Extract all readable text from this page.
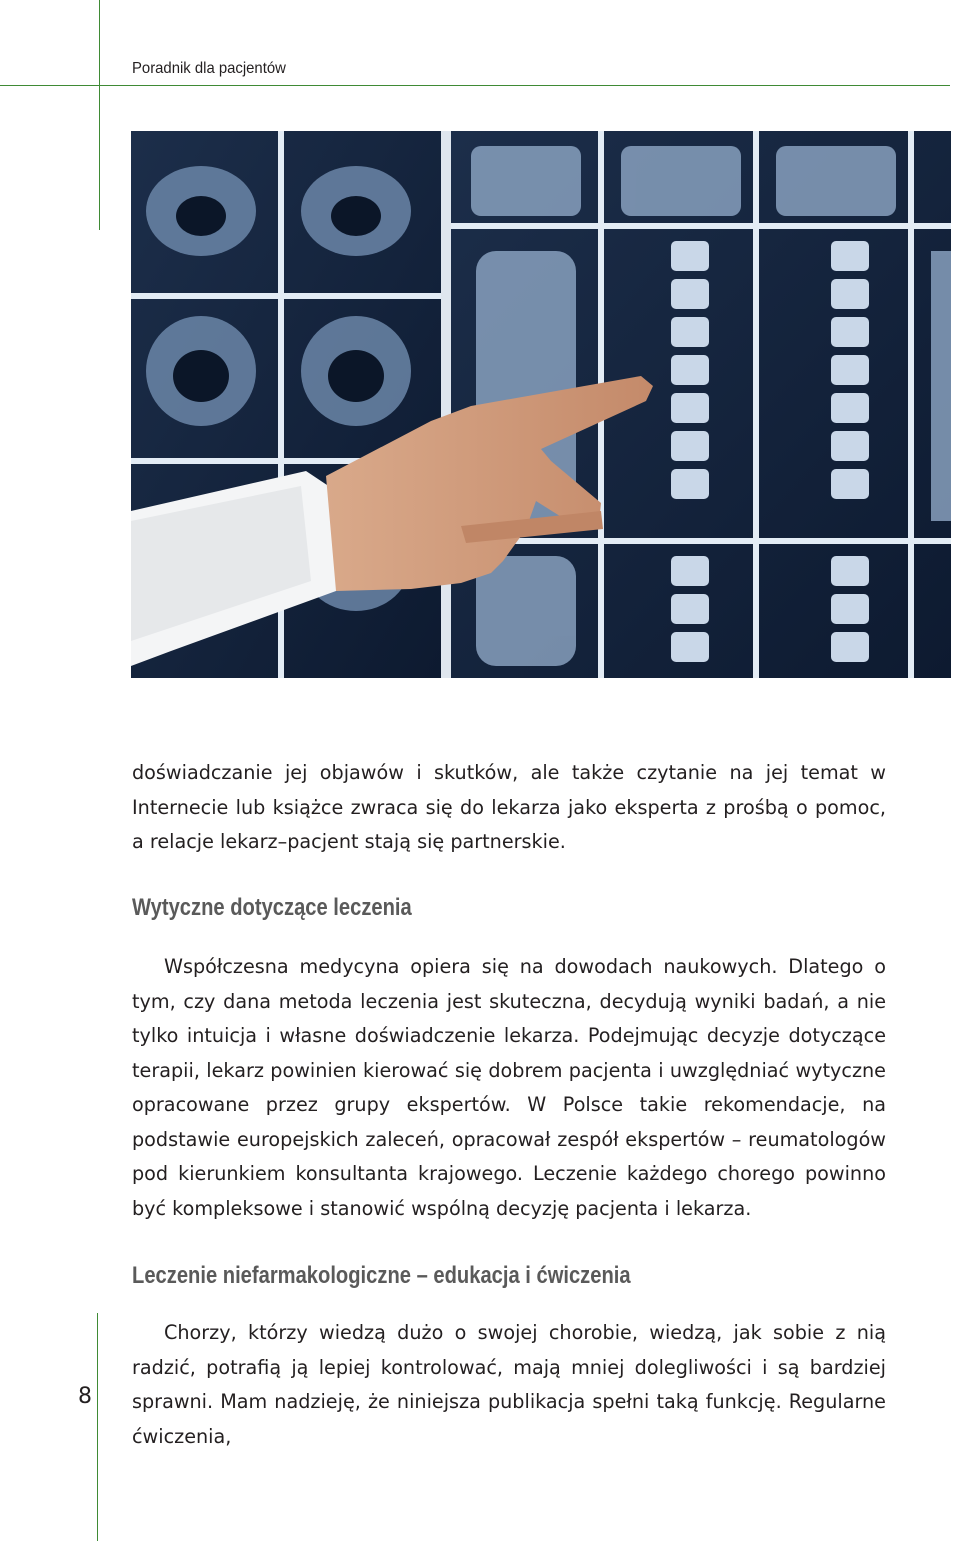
Poradnik dla pacjentów

doświadczanie jej objawów i skutków, ale także czytanie na jej temat w Internecie lub książce zwraca się do lekarza jako eksperta z prośbą o pomoc, a relacje lekarz–pacjent stają się partnerskie.

Wytyczne dotyczące leczenia

Współczesna medycyna opiera się na dowodach naukowych. Dlatego o tym, czy dana metoda leczenia jest skuteczna, decydują wyniki badań, a nie tylko intuicja i własne doświadczenie lekarza. Podejmując decyzje dotyczące terapii, lekarz powinien kierować się dobrem pacjenta i uwzględniać wytyczne opracowane przez grupy ekspertów. W Polsce takie rekomendacje, na podstawie europejskich zaleceń, opracował zespół ekspertów – reumatologów pod kierunkiem konsultanta krajowego. Leczenie każdego chorego powinno być kompleksowe i stanowić wspólną decyzję pacjenta i lekarza.

Leczenie niefarmakologiczne – edukacja i ćwiczenia

Chorzy, którzy wiedzą dużo o swojej chorobie, wiedzą, jak sobie z nią radzić, potrafią ją lepiej kontrolować, mają mniej dolegliwości i są bardziej sprawni. Mam nadzieję, że niniejsza publikacja spełni taką funkcję. Regularne ćwiczenia,

8
